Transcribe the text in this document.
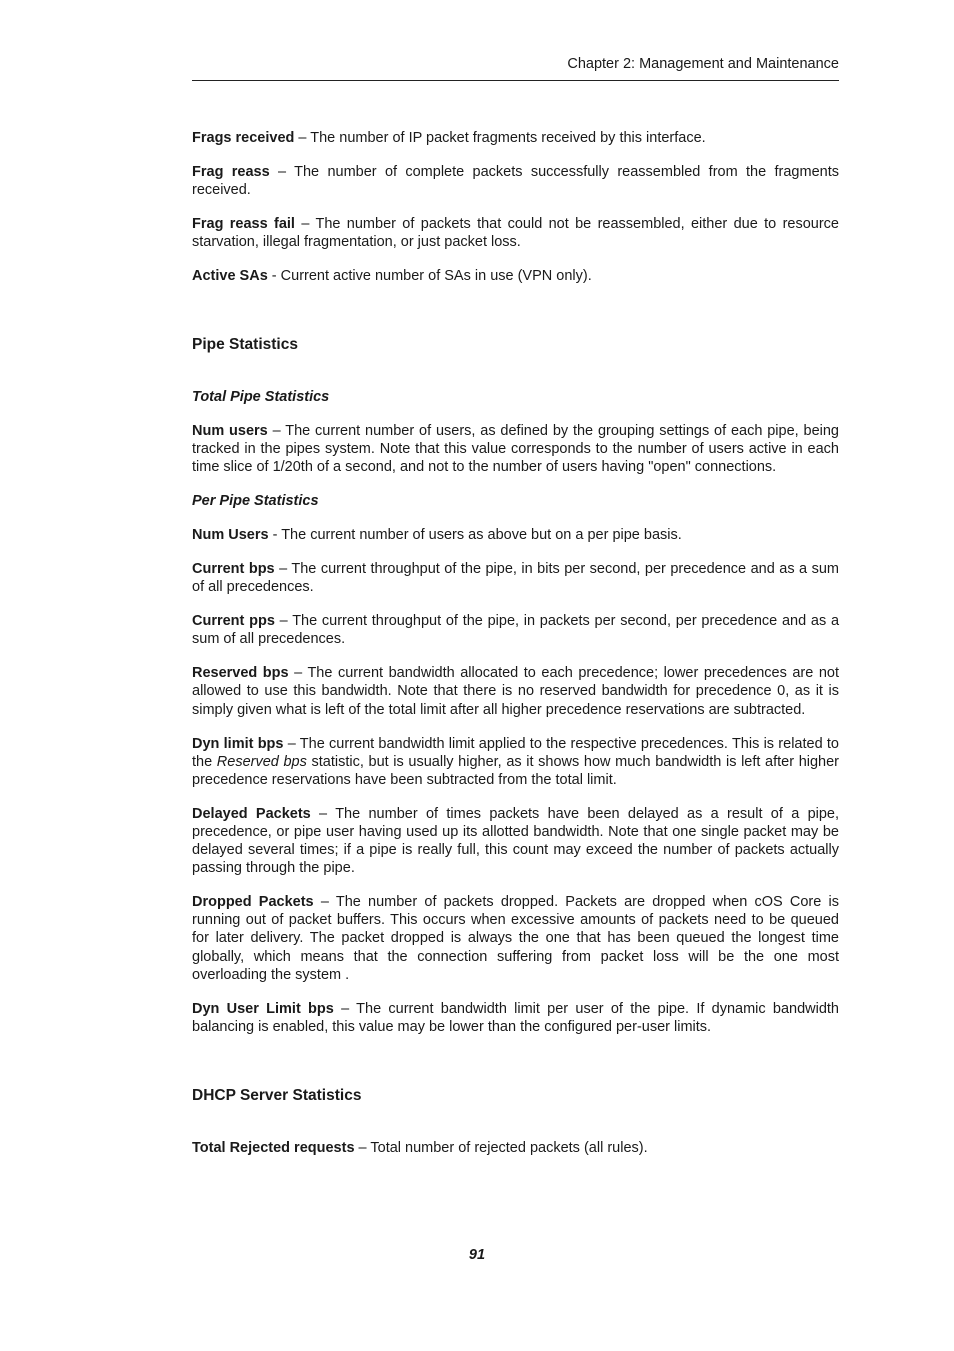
Chapter 2: Management and Maintenance

Frags received – The number of IP packet fragments received by this interface.

Frag reass – The number of complete packets successfully reassembled from the fragments received.

Frag reass fail – The number of packets that could not be reassembled, either due to resource starvation, illegal fragmentation, or just packet loss.

Active SAs - Current active number of SAs in use (VPN only).

Pipe Statistics
Total Pipe Statistics

Num users – The current number of users, as defined by the grouping settings of each pipe, being tracked in the pipes system. Note that this value corresponds to the number of users active in each time slice of 1/20th of a second, and not to the number of users having "open" connections.

Per Pipe Statistics

Num Users - The current number of users as above but on a per pipe basis.

Current bps – The current throughput of the pipe, in bits per second, per precedence and as a sum of all precedences.

Current pps – The current throughput of the pipe, in packets per second, per precedence and as a sum of all precedences.

Reserved bps – The current bandwidth allocated to each precedence; lower precedences are not allowed to use this bandwidth. Note that there is no reserved bandwidth for precedence 0, as it is simply given what is left of the total limit after all higher precedence reservations are subtracted.

Dyn limit bps – The current bandwidth limit applied to the respective precedences. This is related to the Reserved bps statistic, but is usually higher, as it shows how much bandwidth is left after higher precedence reservations have been subtracted from the total limit.

Delayed Packets – The number of times packets have been delayed as a result of a pipe, precedence, or pipe user having used up its allotted bandwidth. Note that one single packet may be delayed several times; if a pipe is really full, this count may exceed the number of packets actually passing through the pipe.

Dropped Packets – The number of packets dropped. Packets are dropped when cOS Core is running out of packet buffers. This occurs when excessive amounts of packets need to be queued for later delivery. The packet dropped is always the one that has been queued the longest time globally, which means that the connection suffering from packet loss will be the one most overloading the system .

Dyn User Limit bps – The current bandwidth limit per user of the pipe. If dynamic bandwidth balancing is enabled, this value may be lower than the configured per-user limits.

DHCP Server Statistics

Total Rejected requests – Total number of rejected packets (all rules).

91
